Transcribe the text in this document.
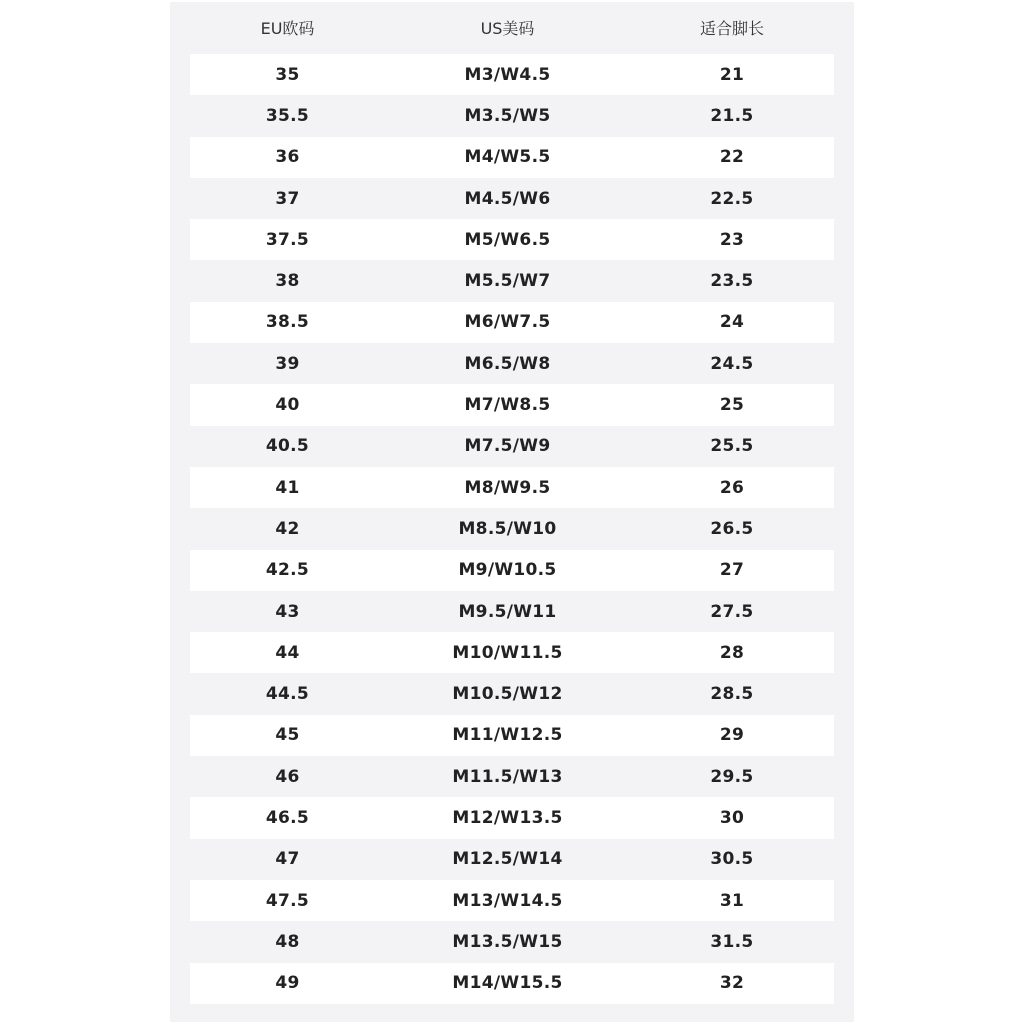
EU欧码	US美码	适合脚长
35	M3/W4.5	21
35.5	M3.5/W5	21.5
36	M4/W5.5	22
37	M4.5/W6	22.5
37.5	M5/W6.5	23
38	M5.5/W7	23.5
38.5	M6/W7.5	24
39	M6.5/W8	24.5
40	M7/W8.5	25
40.5	M7.5/W9	25.5
41	M8/W9.5	26
42	M8.5/W10	26.5
42.5	M9/W10.5	27
43	M9.5/W11	27.5
44	M10/W11.5	28
44.5	M10.5/W12	28.5
45	M11/W12.5	29
46	M11.5/W13	29.5
46.5	M12/W13.5	30
47	M12.5/W14	30.5
47.5	M13/W14.5	31
48	M13.5/W15	31.5
49	M14/W15.5	32
